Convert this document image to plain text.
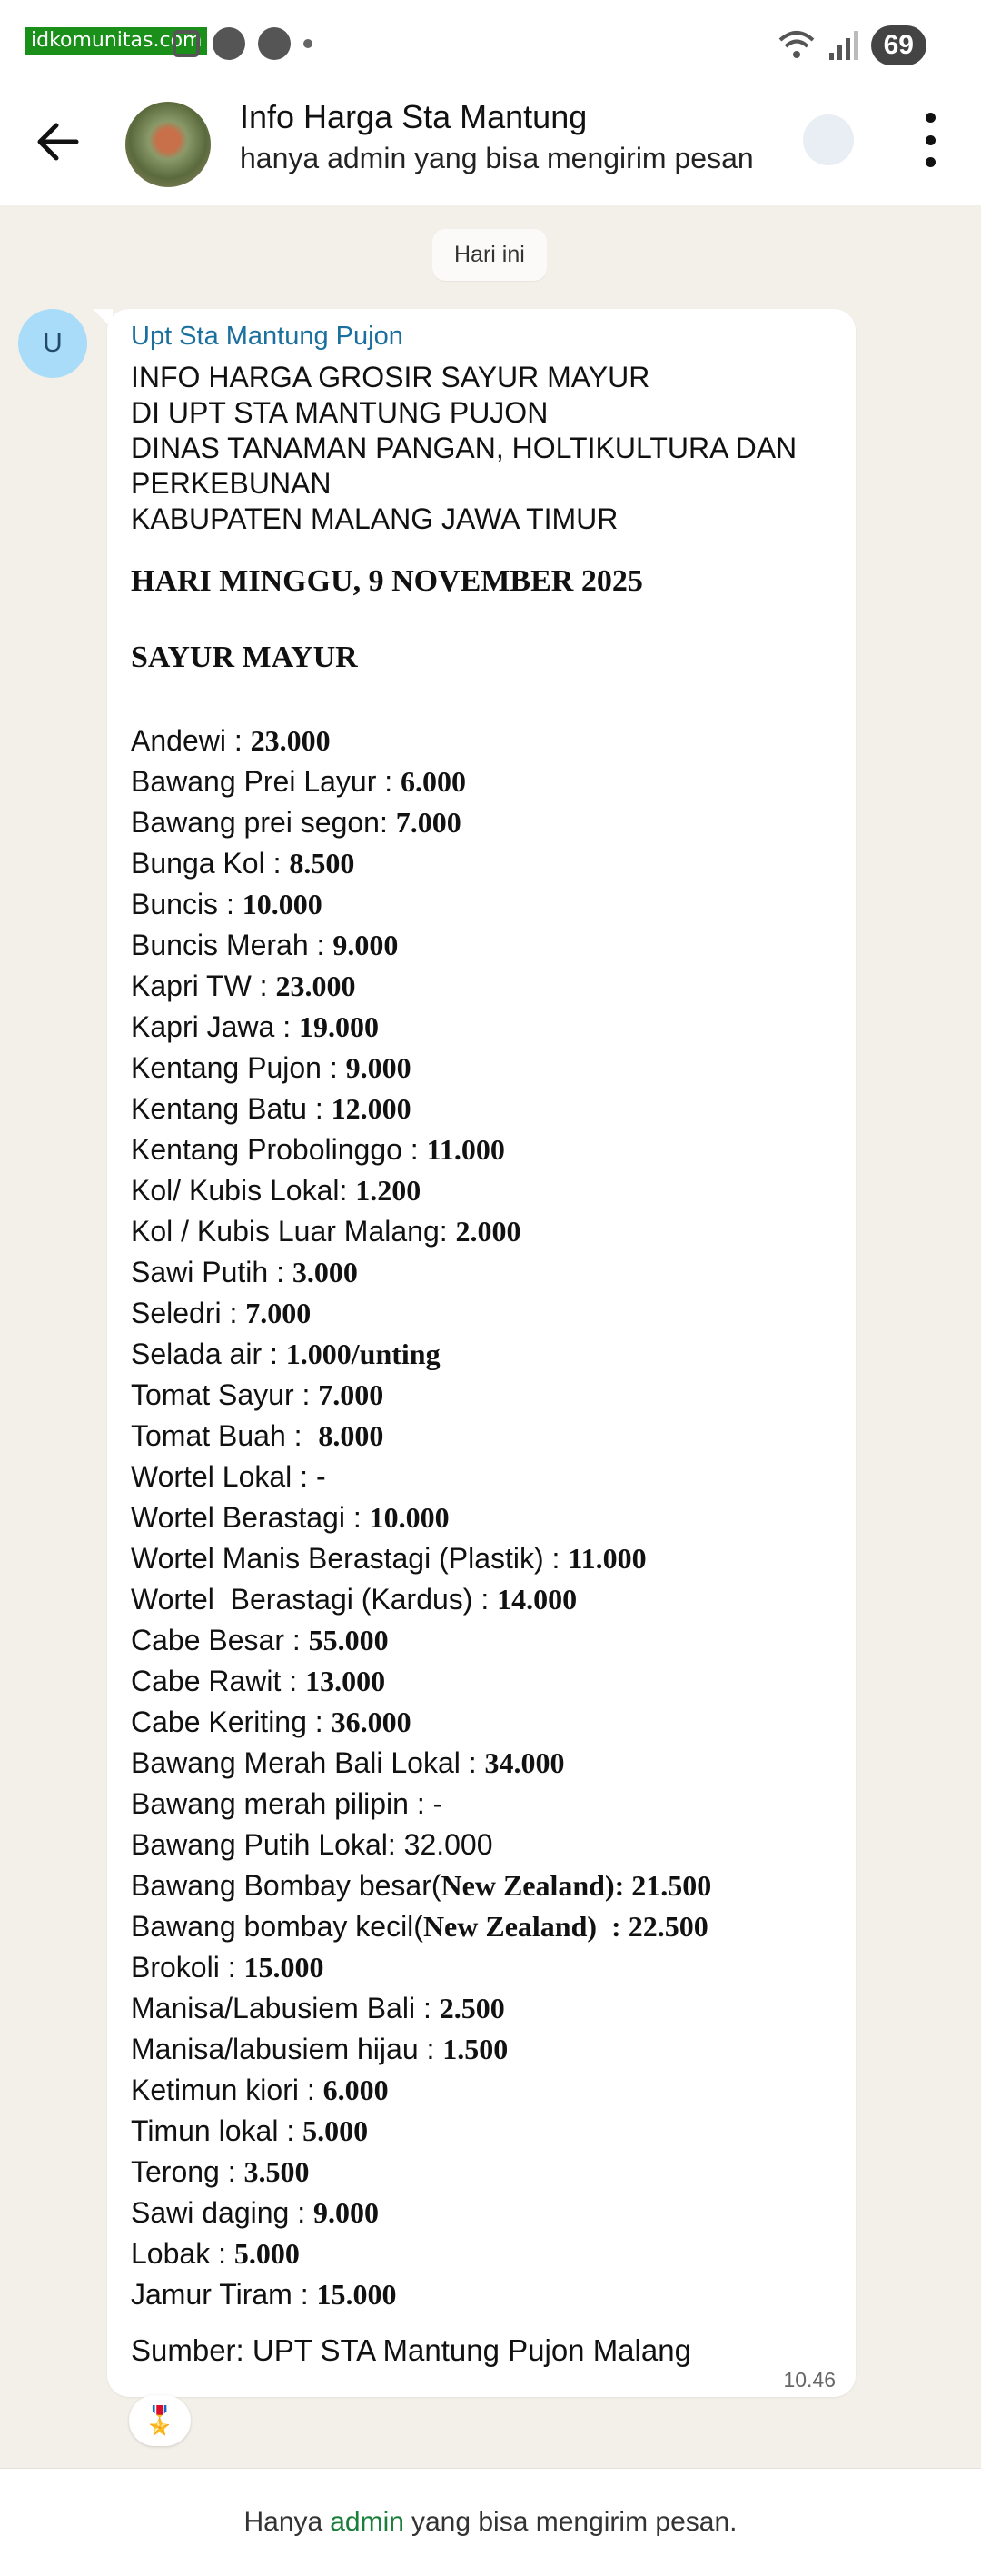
idkomunitas.com	69
Info Harga Sta Mantung
hanya admin yang bisa mengirim pesan
Hari ini
U	Upt Sta Mantung Pujon
INFO HARGA GROSIR SAYUR MAYUR
DI UPT STA MANTUNG PUJON
DINAS TANAMAN PANGAN, HOLTIKULTURA DAN
PERKEBUNAN
KABUPATEN MALANG JAWA TIMUR
HARI MINGGU, 9 NOVEMBER 2025
SAYUR MAYUR
Andewi : 23.000
Bawang Prei Layur : 6.000
Bawang prei segon: 7.000
Bunga Kol : 8.500
Buncis : 10.000
Buncis Merah : 9.000
Kapri TW : 23.000
Kapri Jawa : 19.000
Kentang Pujon : 9.000
Kentang Batu : 12.000
Kentang Probolinggo : 11.000
Kol/ Kubis Lokal: 1.200
Kol / Kubis Luar Malang: 2.000
Sawi Putih : 3.000
Seledri : 7.000
Selada air : 1.000/unting
Tomat Sayur : 7.000
Tomat Buah :  8.000
Wortel Lokal : -
Wortel Berastagi : 10.000
Wortel Manis Berastagi (Plastik) : 11.000
Wortel  Berastagi (Kardus) : 14.000
Cabe Besar : 55.000
Cabe Rawit : 13.000
Cabe Keriting : 36.000
Bawang Merah Bali Lokal : 34.000
Bawang merah pilipin : -
Bawang Putih Lokal: 32.000
Bawang Bombay besar(New Zealand): 21.500
Bawang bombay kecil(New Zealand)  : 22.500
Brokoli : 15.000
Manisa/Labusiem Bali : 2.500
Manisa/labusiem hijau : 1.500
Ketimun kiori : 6.000
Timun lokal : 5.000
Terong : 3.500
Sawi daging : 9.000
Lobak : 5.000
Jamur Tiram : 15.000
Sumber: UPT STA Mantung Pujon Malang
10.46
🎖️
Hanya admin yang bisa mengirim pesan.
